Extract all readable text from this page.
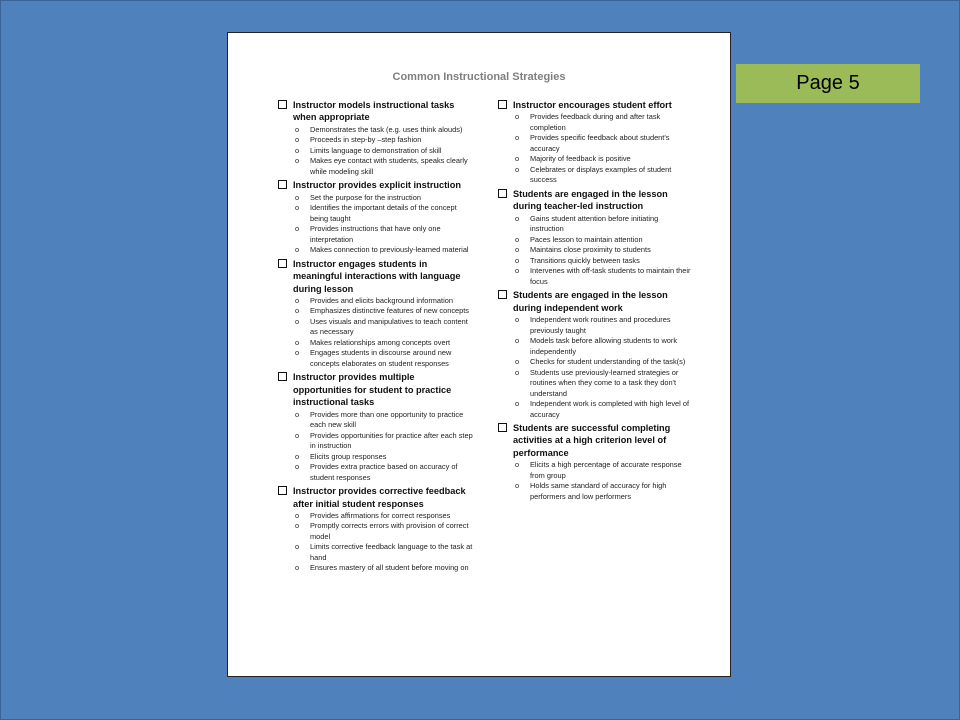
Page 5
Common Instructional Strategies
Instructor models instructional tasks when appropriate
o	Demonstrates the task (e.g. uses think alouds)
o	Proceeds in step-by –step fashion
o	Limits language to demonstration of skill
o	Makes eye contact with students, speaks clearly while modeling skill
Instructor provides explicit instruction
o	Set the purpose for the instruction
o	Identifies the important details of the concept being taught
o	Provides instructions that have only one interpretation
o	Makes connection to previously-learned material
Instructor engages students in meaningful interactions with language during lesson
o	Provides and elicits background information
o	Emphasizes distinctive features of new concepts
o	Uses visuals and manipulatives to teach content as necessary
o	Makes relationships among concepts overt
o	Engages students in discourse around new concepts elaborates on student responses
Instructor provides multiple opportunities for student to practice instructional tasks
o	Provides more than one opportunity to practice each new skill
o	Provides opportunities for practice after each step in instruction
o	Elicits group responses
o	Provides extra practice based on accuracy of student responses
Instructor provides corrective feedback after initial student responses
o	Provides affirmations for correct responses
o	Promptly corrects errors with provision of correct model
o	Limits corrective feedback language to the task at hand
o	Ensures mastery of all student before moving on
Instructor encourages student effort
o	Provides feedback during and after task completion
o	Provides specific feedback about student's accuracy
o	Majority of feedback is positive
o	Celebrates or displays examples of student success
Students are engaged in the lesson during teacher-led instruction
o	Gains student attention before initiating instruction
o	Paces lesson to maintain attention
o	Maintains close proximity to students
o	Transitions quickly between tasks
o	Intervenes with off-task students to maintain their focus
Students are engaged in the lesson during independent work
o	Independent work routines and procedures previously taught
o	Models task before allowing students to work independently
o	Checks for student understanding of the task(s)
o	Students use previously-learned strategies or routines when they come to a task they don't understand
o	Independent work is completed with high level of accuracy
Students are successful completing activities at a high criterion level of performance
o	Elicits a high percentage of accurate response from group
o	Holds same standard of accuracy for high performers and low performers
